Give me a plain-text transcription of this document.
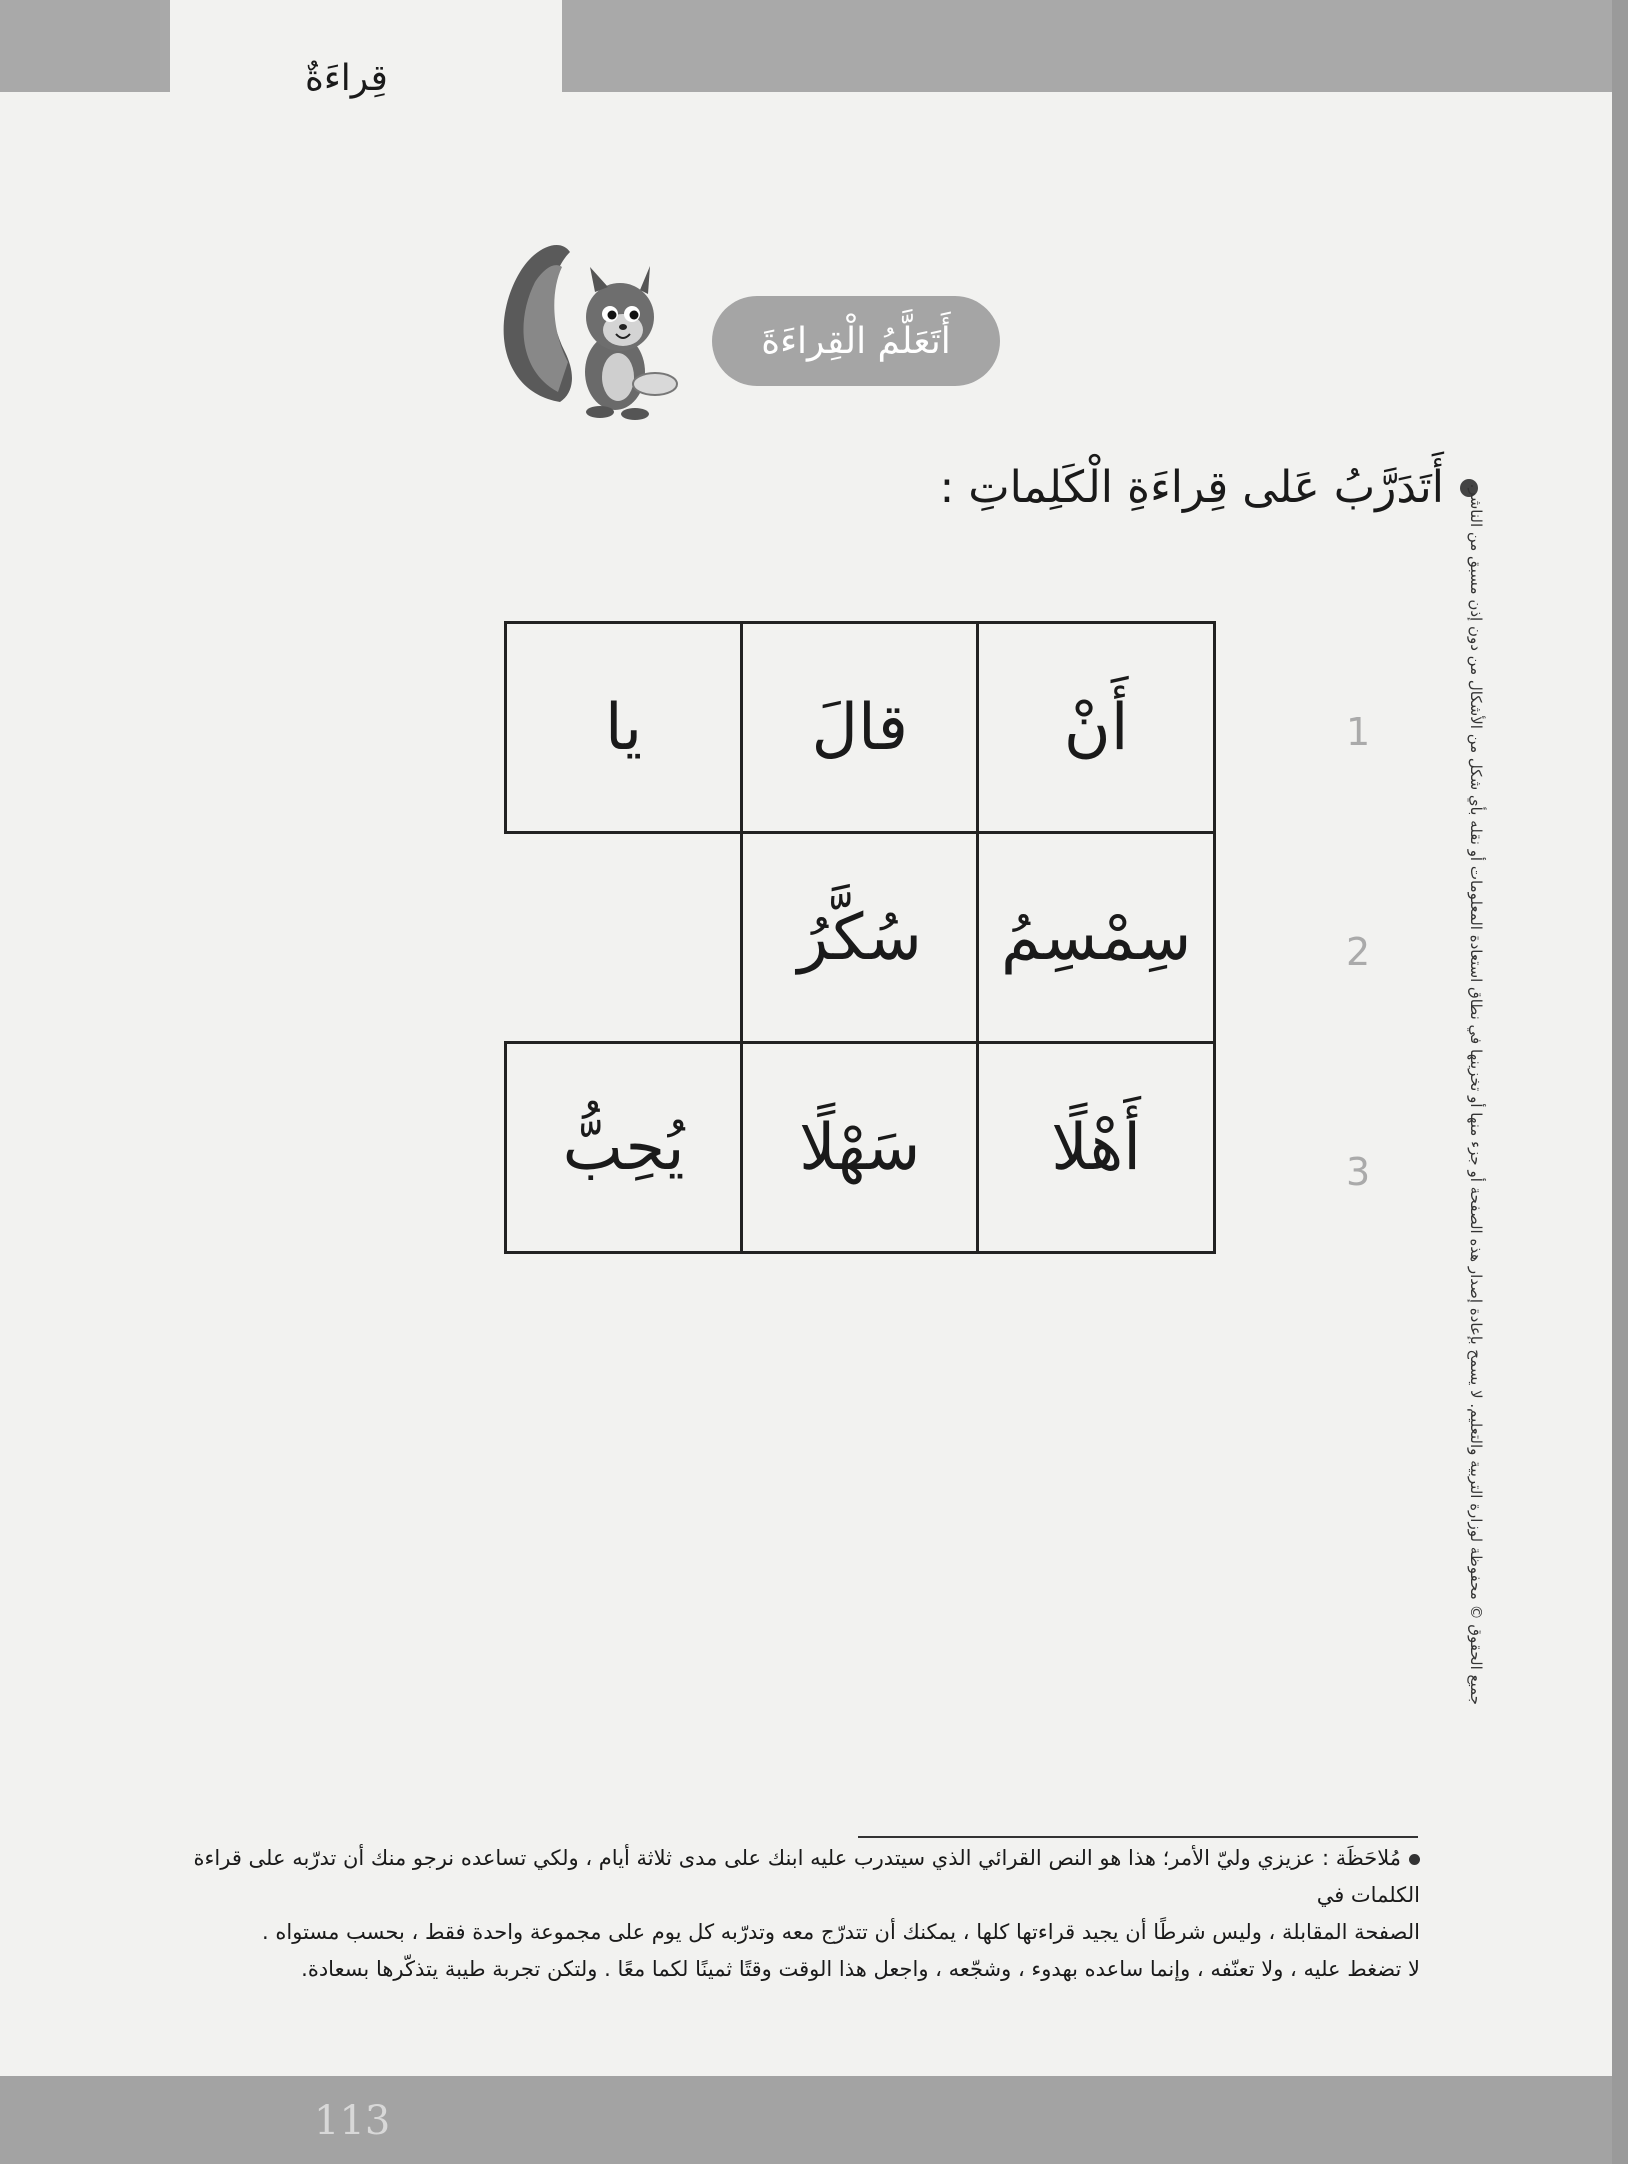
قِراءَةٌ
أَتَعَلَّمُ الْقِراءَةَ
أَتَدَرَّبُ عَلى قِراءَةِ الْكَلِماتِ :
أَنْ	قالَ	يا
سِمْسِمُ	سُكَّرُ	
أَهْلًا	سَهْلًا	يُحِبُّ
1
2
3	جميع الحقوق © محفوظة لوزارة التربية والتعليم. لا يسمح بإعادة إصدار هذه الصفحة أو جزء منها أو تخزينها في نطاق استعادة المعلومات أو نقله بأي شكل من الأشكال من دون إذن مسبق من الناشر.

مُلاحَظَة : عزيزي وليّ الأمر؛ هذا هو النص القرائي الذي سيتدرب عليه ابنك على مدى ثلاثة أيام ، ولكي تساعده نرجو منك أن تدرّبه على قراءة الكلمات في

الصفحة المقابلة ، وليس شرطًا أن يجيد قراءتها كلها ، يمكنك أن تتدرّج معه وتدرّبه كل يوم على مجموعة واحدة فقط ، بحسب مستواه .

لا تضغط عليه ، ولا تعنّفه ، وإنما ساعده بهدوء ، وشجّعه ، واجعل هذا الوقت وقتًا ثمينًا لكما معًا . ولتكن تجربة طيبة يتذكّرها بسعادة.

113
